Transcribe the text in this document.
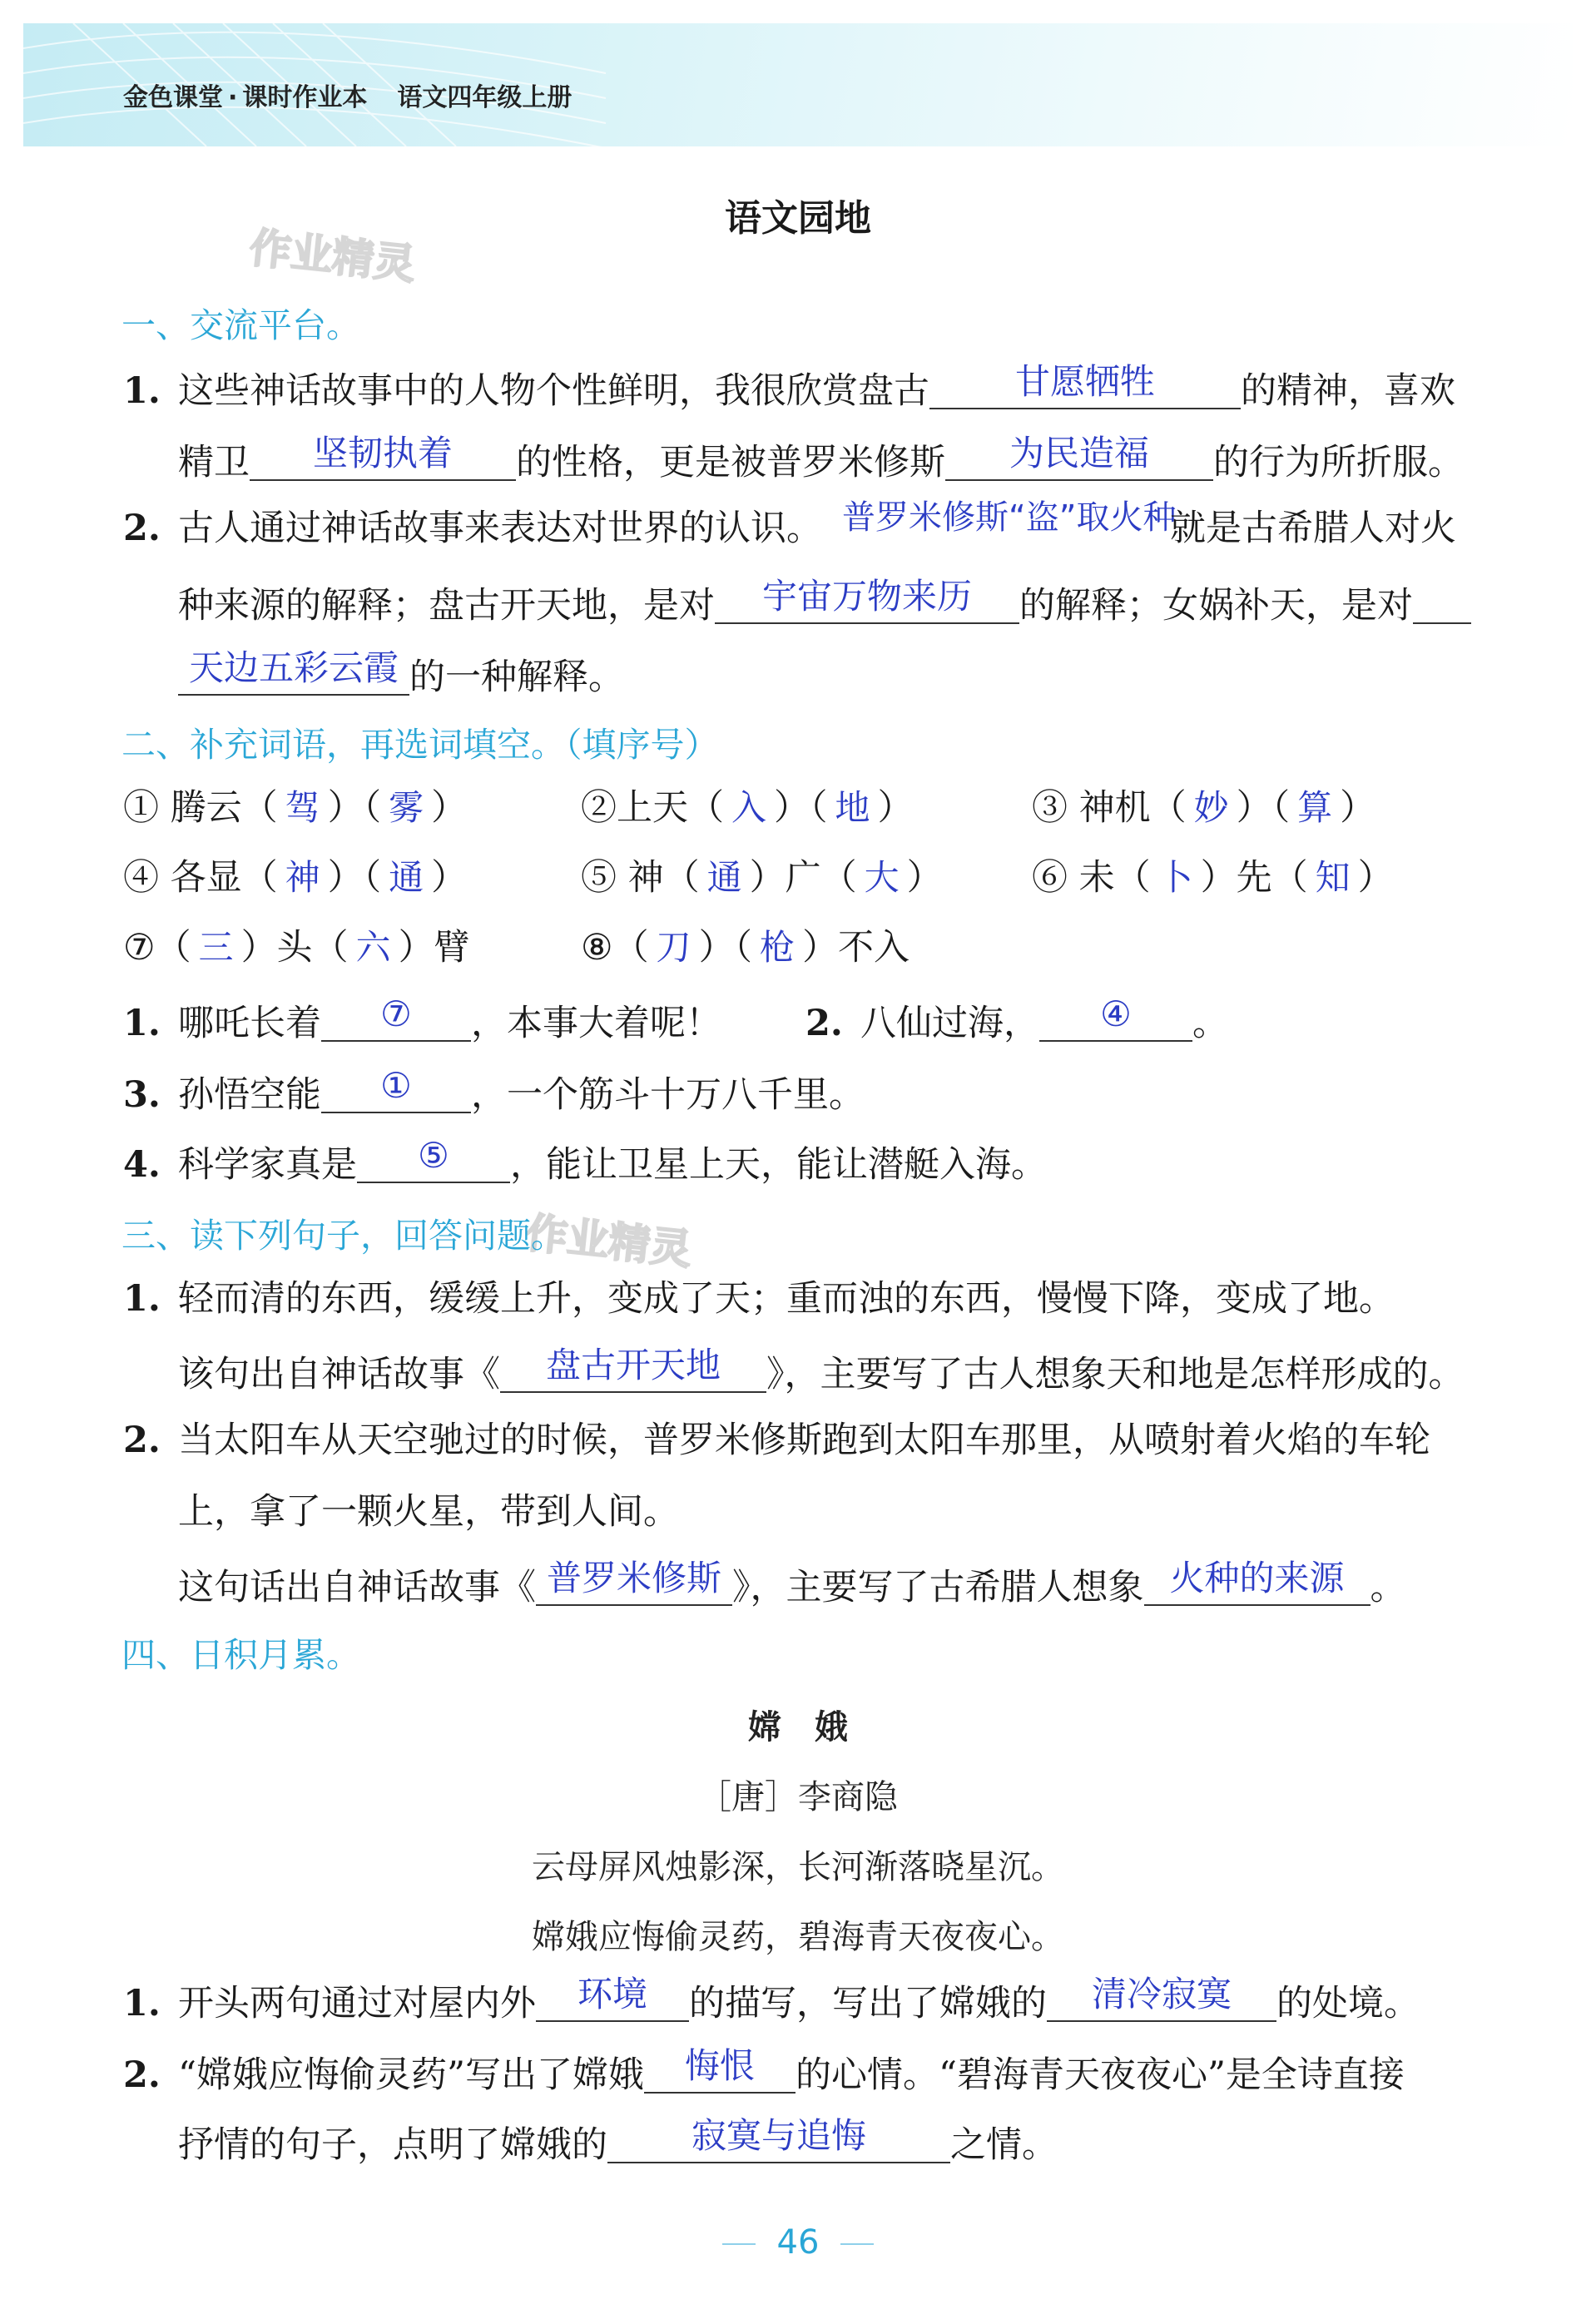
金色课堂 · 课时作业本 语文四年级上册
语文园地
作业精灵
作业精灵
一、交流平台。
1. 这些神话故事中的人物个性鲜明，我很欣赏盘古	甘愿牺牲	的精神，喜欢
精卫	坚韧执着	的性格，更是被普罗米修斯	为民造福	的行为所折服。
2. 古人通过神话故事来表达对世界的认识。 普罗米修斯“盗”取火种
就是古希腊人对火
种来源的解释；盘古开天地，是对	宇宙万物来历	的解释；女娲补天，是对
天边五彩云霞 的一种解释。
二、补充词语，再选词填空。（填序号）
① 腾云（ 驾 ）（ 雾 ）	②上天（ 入 ）（ 地 ）	③ 神机（ 妙 ）（ 算 ）
④ 各显（ 神 ）（ 通 ）	⑤ 神（ 通 ）广（ 大 ） ⑥ 未（ 卜 ）先（ 知 ）
⑦（ 三 ）头（ 六 ）臂	⑧（ 刀 ）（ 枪 ）不入
1. 哪吒长着	⑦	，本事大着呢！ 2. 八仙过海，	④	。
3. 孙悟空能	①	，一个筋斗十万八千里。
4. 科学家真是	⑤	，能让卫星上天，能让潜艇入海。
三、读下列句子，回答问题。
1. 轻而清的东西，缓缓上升，变成了天；重而浊的东西，慢慢下降，变成了地。
该句出自神话故事《	盘古开天地	》，主要写了古人想象天和地是怎样形成的。
2. 当太阳车从天空驰过的时候，普罗米修斯跑到太阳车那里，从喷射着火焰的车轮
上，拿了一颗火星，带到人间。
这句话出自神话故事《 普罗米修斯 》，主要写了古希腊人想象 火种的来源 。
四、日积月累。
嫦　娥
［唐］李商隐
云母屏风烛影深，长河渐落晓星沉。
嫦娥应悔偷灵药，碧海青天夜夜心。
1. 开头两句通过对屋内外	环境	的描写，写出了嫦娥的	清冷寂寞	的处境。
2. “嫦娥应悔偷灵药”写出了嫦娥	悔恨	的心情。“碧海青天夜夜心”是全诗直接
抒情的句子，点明了嫦娥的	寂寞与追悔	之情。
46
